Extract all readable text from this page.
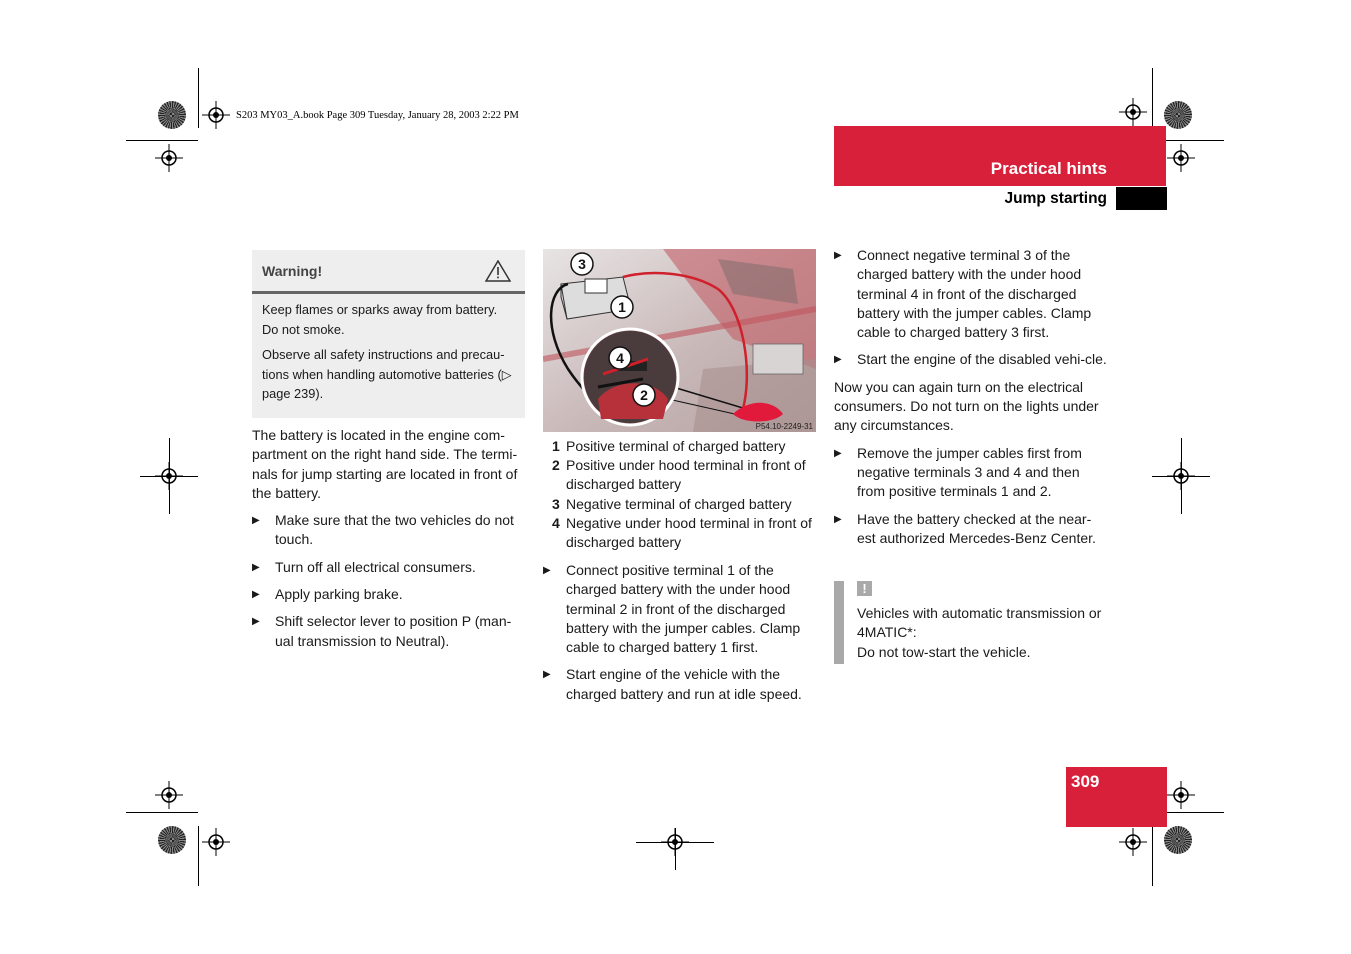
S203 MY03_A.book Page 309 Tuesday, January 28, 2003 2:22 PM
Practical hints
Jump starting
Warning!

Keep flames or sparks away from battery. Do not smoke.

Observe all safety instructions and precau-tions when handling automotive batteries (▷ page 239).

The battery is located in the engine com-partment on the right hand side. The termi-nals for jump starting are located in front of the battery.
▶ Make sure that the two vehicles do not touch.
▶ Turn off all electrical consumers.
▶ Apply parking brake.
▶ Shift selector lever to position P (man-ual transmission to Neutral).
3
1
4
2
P54.10-2249-31
1 Positive terminal of charged battery
2 Positive under hood terminal in front of discharged battery
3 Negative terminal of charged battery
4 Negative under hood terminal in front of discharged battery
▶ Connect positive terminal 1 of the charged battery with the under hood terminal 2 in front of the discharged battery with the jumper cables. Clamp cable to charged battery 1 first.
▶ Start engine of the vehicle with the charged battery and run at idle speed.
▶ Connect negative terminal 3 of the charged battery with the under hood terminal 4 in front of the discharged battery with the jumper cables. Clamp cable to charged battery 3 first.
▶ Start the engine of the disabled vehi-cle.
Now you can again turn on the electrical consumers. Do not turn on the lights under any circumstances.
▶ Remove the jumper cables first from negative terminals 3 and 4 and then from positive terminals 1 and 2.
▶ Have the battery checked at the near-est authorized Mercedes-Benz Center.
!
Vehicles with automatic transmission or 4MATIC*:
Do not tow-start the vehicle.
309
